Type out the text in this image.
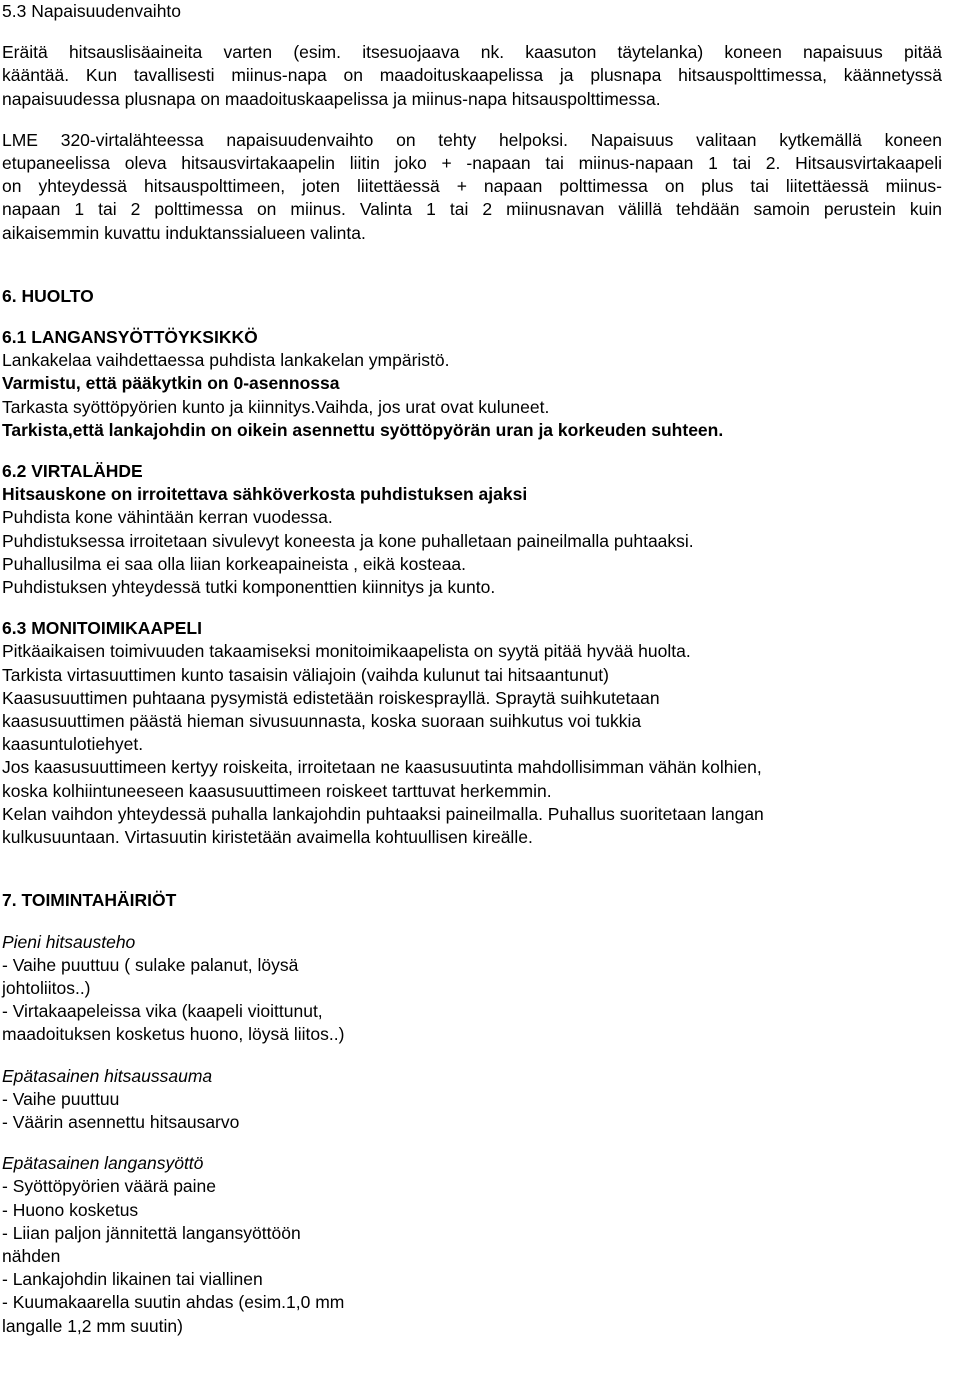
5.3 Napaisuudenvaihto
Eräitä hitsauslisäaineita varten (esim. itsesuojaava nk. kaasuton täytelanka) koneen napaisuus pitää
kääntää. Kun tavallisesti miinus-napa on maadoituskaapelissa ja plusnapa hitsauspolttimessa, käännetyssä
napaisuudessa plusnapa on maadoituskaapelissa ja miinus-napa hitsauspolttimessa.
LME 320-virtalähteessa napaisuudenvaihto on tehty helpoksi. Napaisuus valitaan kytkemällä koneen
etupaneelissa oleva hitsausvirtakaapelin liitin joko + -napaan tai miinus-napaan 1 tai 2. Hitsausvirtakaapeli
on yhteydessä hitsauspolttimeen, joten liitettäessä + napaan polttimessa on plus tai liitettäessä miinus-
napaan 1 tai 2 polttimessa on miinus. Valinta 1 tai 2 miinusnavan välillä tehdään samoin perustein kuin
aikaisemmin kuvattu induktanssialueen valinta.
6. HUOLTO
6.1 LANGANSYÖTTÖYKSIKKÖ
Lankakelaa vaihdettaessa puhdista lankakelan ympäristö.
Varmistu, että pääkytkin on 0-asennossa
Tarkasta syöttöpyörien kunto ja kiinnitys.Vaihda, jos urat ovat kuluneet.
Tarkista,että lankajohdin on oikein asennettu syöttöpyörän uran ja korkeuden suhteen.
6.2 VIRTALÄHDE
Hitsauskone on irroitettava sähköverkosta puhdistuksen ajaksi
Puhdista kone vähintään kerran vuodessa.
Puhdistuksessa irroitetaan sivulevyt koneesta ja kone puhalletaan paineilmalla puhtaaksi.
Puhallusilma ei saa olla liian korkeapaineista , eikä kosteaa.
Puhdistuksen yhteydessä tutki komponenttien kiinnitys ja kunto.
6.3 MONITOIMIKAAPELI
Pitkäaikaisen toimivuuden takaamiseksi monitoimikaapelista on syytä pitää hyvää huolta.
Tarkista virtasuuttimen kunto tasaisin väliajoin (vaihda kulunut tai hitsaantunut)
Kaasusuuttimen puhtaana pysymistä edistetään roiskesprayllä. Spraytä suihkutetaan
kaasusuuttimen päästä hieman sivusuunnasta, koska suoraan suihkutus voi tukkia
kaasuntulotiehyet.
Jos kaasusuuttimeen kertyy roiskeita, irroitetaan ne kaasusuutinta mahdollisimman vähän kolhien,
koska kolhiintuneeseen kaasusuuttimeen roiskeet tarttuvat herkemmin.
Kelan vaihdon yhteydessä puhalla lankajohdin puhtaaksi paineilmalla. Puhallus suoritetaan langan
kulkusuuntaan. Virtasuutin kiristetään avaimella kohtuullisen kireälle.
7. TOIMINTAHÄIRIÖT
Pieni hitsausteho
- Vaihe puuttuu ( sulake palanut, löysä
johtoliitos..)
- Virtakaapeleissa vika (kaapeli vioittunut,
maadoituksen kosketus huono, löysä liitos..)
Epätasainen hitsaussauma
- Vaihe puuttuu
- Väärin asennettu hitsausarvo
Epätasainen langansyöttö
- Syöttöpyörien väärä paine
- Huono kosketus
- Liian paljon jännitettä langansyöttöön
nähden
- Lankajohdin likainen tai viallinen
- Kuumakaarella suutin ahdas (esim.1,0 mm
langalle 1,2 mm suutin)
